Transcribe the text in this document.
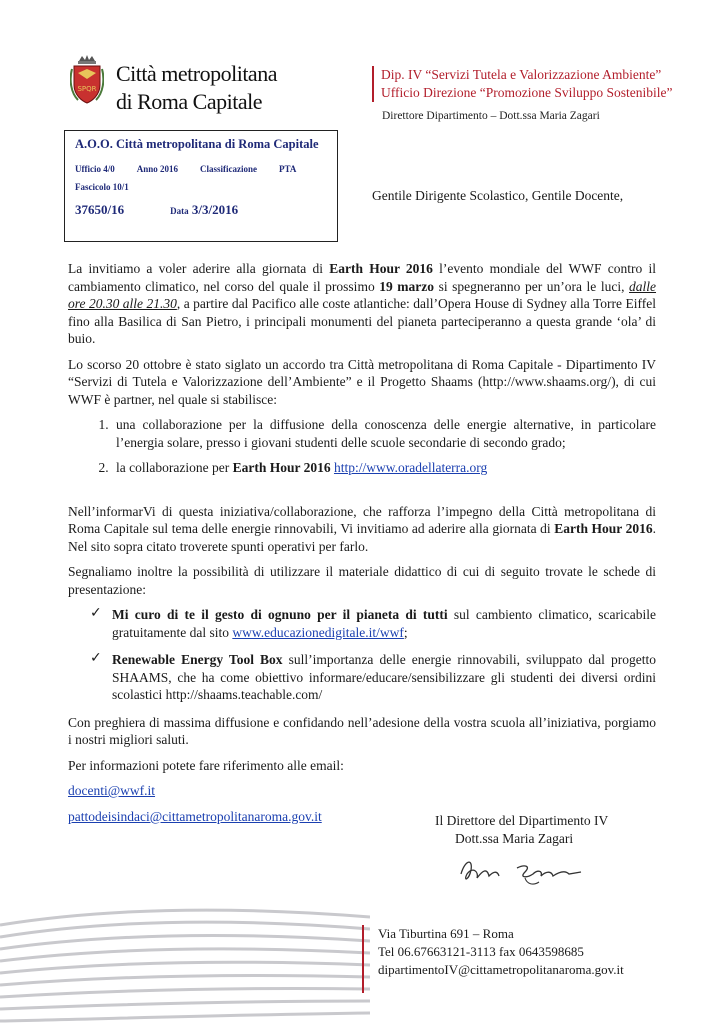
SPQR
Città metropolitana
di Roma Capitale
Dip. IV “Servizi Tutela e Valorizzazione Ambiente”
Ufficio Direzione “Promozione Sviluppo Sostenibile”
Direttore Dipartimento – Dott.ssa Maria Zagari
A.O.O. Città metropolitana di Roma Capitale
Ufficio 4/0 Anno 2016 Classificazione PTA
Fascicolo 10/1
37650/16	Data 3/3/2016
Gentile Dirigente Scolastico, Gentile Docente,

La invitiamo a voler aderire alla giornata di Earth Hour 2016 l’evento mondiale del WWF contro il cambiamento climatico, nel corso del quale il prossimo 19 marzo si spegneranno per un’ora le luci, dalle ore 20.30 alle 21.30, a partire dal Pacifico alle coste atlantiche: dall’Opera House di Sydney alla Torre Eiffel fino alla Basilica di San Pietro, i principali monumenti del pianeta parteciperanno a questa grande ‘ola’ di buio.

Lo scorso 20 ottobre è stato siglato un accordo tra Città metropolitana di Roma Capitale - Dipartimento IV “Servizi di Tutela e Valorizzazione dell’Ambiente” e il Progetto Shaams (http://www.shaams.org/), di cui WWF è partner, nel quale si stabilisce:

1. una collaborazione per la diffusione della conoscenza delle energie alternative, in particolare l’energia solare, presso i giovani studenti delle scuole secondarie di secondo grado;
2. la collaborazione per Earth Hour 2016 http://www.oradellaterra.org

Nell’informarVi di questa iniziativa/collaborazione, che rafforza l’impegno della Città metropolitana di Roma Capitale sul tema delle energie rinnovabili, Vi invitiamo ad aderire alla giornata di Earth Hour 2016. Nel sito sopra citato troverete spunti operativi per farlo.

Segnaliamo inoltre la possibilità di utilizzare il materiale didattico di cui di seguito trovate le schede di presentazione:

✓ Mi curo di te il gesto di ognuno per il pianeta di tutti sul cambiento climatico, scaricabile gratuitamente dal sito www.educazionedigitale.it/wwf;
✓ Renewable Energy Tool Box sull’importanza delle energie rinnovabili, sviluppato dal progetto SHAAMS, che ha come obiettivo informare/educare/sensibilizzare gli studenti dei diversi ordini scolastici http://shaams.teachable.com/

Con preghiera di massima diffusione e confidando nell’adesione della vostra scuola all’iniziativa, porgiamo i nostri migliori saluti.

Per informazioni potete fare riferimento alle email:

docenti@wwf.it

pattodeisindaci@cittametropolitanaroma.gov.it	Il Direttore del Dipartimento IV
Dott.ssa Maria Zagari
Via Tiburtina 691 – Roma
Tel 06.67663121-3113 fax 0643598685
dipartimentoIV@cittametropolitanaroma.gov.it
